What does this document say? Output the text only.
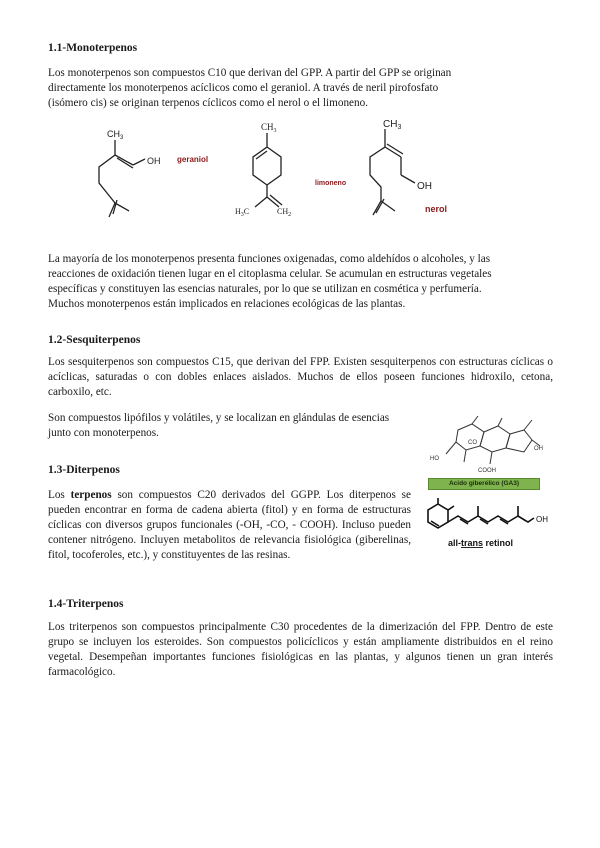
1.1-Monoterpenos

Los monoterpenos son compuestos C10 que derivan del GPP. A partir del GPP se originan
directamente los monoterpenos acíclicos como el geraniol. A través de neril pirofosfato
(isómero cis) se originan terpenos cíclicos como el nerol o el limoneno.

$CH_3$
OH geraniol
$CH_3$
$H_3C$	$CH_2$
limoneno
$CH_3$
OH
nerol

La mayoría de los monoterpenos presenta funciones oxigenadas, como aldehídos o alcoholes, y las
reacciones de oxidación tienen lugar en el citoplasma celular. Se acumulan en estructuras vegetales
específicas y constituyen las esencias naturales, por lo que se utilizan en cosmética y perfumería.
Muchos monoterpenos están implicados en relaciones ecológicas de las plantas.

1.2-Sesquiterpenos

Los sesquiterpenos son compuestos C15, que derivan del FPP. Existen sesquiterpenos con estructuras cíclicas o acíclicas, saturadas o con dobles enlaces aislados. Muchos de ellos poseen funciones hidroxilo, cetona, carboxilo, etc.

Son compuestos lipófilos y volátiles, y se localizan en glándulas de esencias
junto con monoterpenos.

1.3-Diterpenos

Los terpenos son compuestos C20 derivados del GGPP. Los diterpenos se pueden encontrar en forma de cadena abierta (fitol) y en forma de estructuras cíclicas con diversos grupos funcionales (-OH, -CO, - COOH). Incluso pueden contener nitrógeno. Incluyen metabolitos de relevancia fisiológica (giberelinas, fitol, tocoferoles, etc.), y constituyentes de las resinas.

HO
CO
COOH
OH
Acido giberélico (GA3)
OH
all-trans retinol
1.4-Triterpenos

Los triterpenos son compuestos principalmente C30 procedentes de la dimerización del FPP. Dentro de este grupo se incluyen los esteroides. Son compuestos policíclicos y están ampliamente distribuidos en el reino vegetal. Desempeñan importantes funciones fisiológicas en las plantas, y algunos tienen un gran interés farmacológico.
